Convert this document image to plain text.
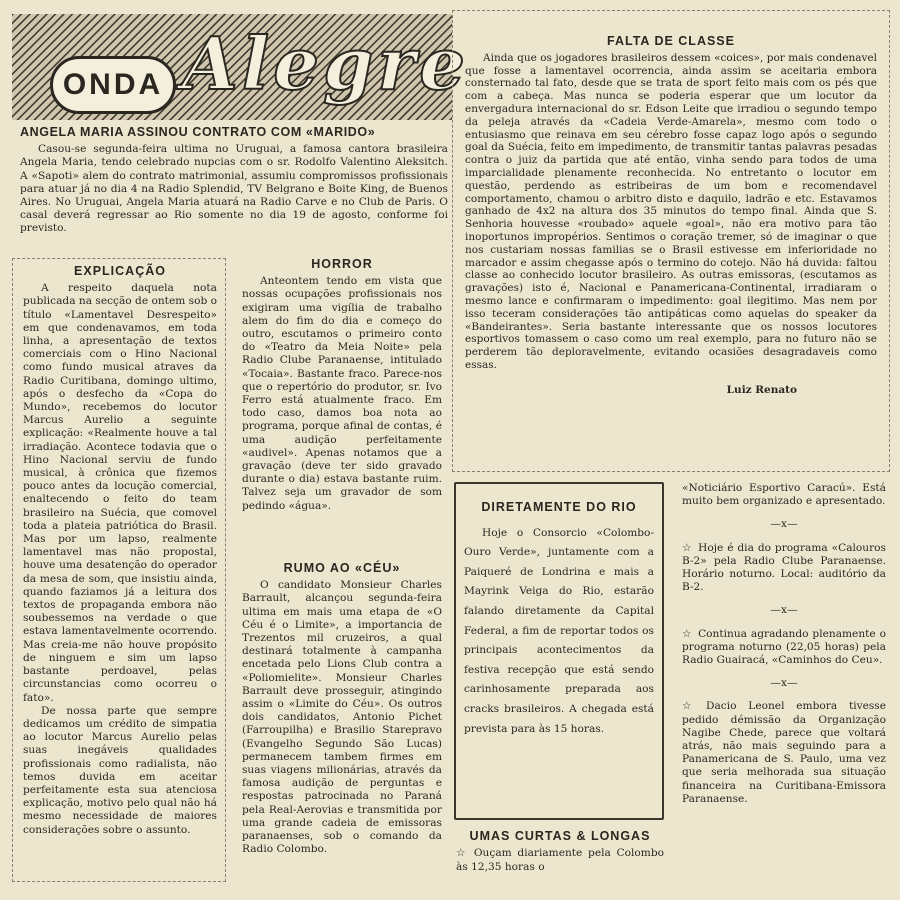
ONDA Alegre
ANGELA MARIA ASSINOU CONTRATO COM «MARIDO»

Casou-se segunda-feira ultima no Uruguai, a famosa cantora brasileira Angela Maria, tendo celebrado nupcias com o sr. Rodolfo Valentino Aleksitch. A «Sapoti» alem do contrato matrimonial, assumiu compromissos profissionais para atuar já no dia 4 na Radio Splendid, TV Belgrano e Boite King, de Buenos Aires. No Uruguai, Angela Maria atuará na Radio Carve e no Club de Paris. O casal deverá regressar ao Rio somente no dia 19 de agosto, conforme foi previsto.

EXPLICAÇÃO

A respeito daquela nota publicada na secção de ontem sob o título «Lamentavel Desrespeito» em que condenavamos, em toda linha, a apresentação de textos comerciais com o Hino Nacional como fundo musical atraves da Radio Curitibana, domingo ultimo, após o desfecho da «Copa do Mundo», recebemos do locutor Marcus Aurelio a seguinte explicação: «Realmente houve a tal irradiação. Acontece todavia que o Hino Nacional serviu de fundo musical, à crônica que fizemos pouco antes da locução comercial, enaltecendo o feito do team brasileiro na Suécia, que comovel toda a plateia patriótica do Brasil. Mas por um lapso, realmente lamentavel mas não propostal, houve uma desatenção do operador da mesa de som, que insistiu ainda, quando faziamos já a leitura dos textos de propaganda embora não soubessemos na verdade o que estava lamentavelmente ocorrendo. Mas creia-me não houve propósito de ninguem e sim um lapso bastante perdoavel, pelas circunstancias como ocorreu o fato».

De nossa parte que sempre dedicamos um crédito de simpatia ao locutor Marcus Aurelio pelas suas inegáveis qualidades profissionais como radialista, não temos duvida em aceitar perfeitamente esta sua atenciosa explicação, motivo pelo qual não há mesmo necessidade de maiores considerações sobre o assunto.

HORROR

Anteontem tendo em vista que nossas ocupações profissionais nos exigiram uma vigília de trabalho alem do fim do dia e começo do outro, escutamos o primeiro conto do «Teatro da Meia Noite» pela Radio Clube Paranaense, intitulado «Tocaia». Bastante fraco. Parece-nos que o repertório do produtor, sr. Ivo Ferro está atualmente fraco. Em todo caso, damos boa nota ao programa, porque afinal de contas, é uma audição perfeitamente «audivel». Apenas notamos que a gravação (deve ter sido gravado durante o dia) estava bastante ruim. Talvez seja um gravador de som pedindo «água».

RUMO AO «CÉU»

O candidato Monsieur Charles Barrault, alcançou segunda-feira ultima em mais uma etapa de «O Céu é o Limite», a importancia de Trezentos mil cruzeiros, a qual destinará totalmente à campanha encetada pelo Lions Club contra a «Poliomielite». Monsieur Charles Barrault deve prosseguir, atingindo assim o «Limite do Céu». Os outros dois candidatos, Antonio Pichet (Farroupilha) e Brasilio Starepravo (Evangelho Segundo São Lucas) permanecem tambem firmes em suas viagens milionárias, através da famosa audição de perguntas e respostas patrocinada no Paraná pela Real-Aerovias e transmitida por uma grande cadeia de emissoras paranaenses, sob o comando da Radio Colombo.

FALTA DE CLASSE

Ainda que os jogadores brasileiros dessem «coices», por mais condenavel que fosse a lamentavel ocorrencia, ainda assim se aceitaria embora consternado tal fato, desde que se trata de sport feito mais com os pés que com a cabeça. Mas nunca se poderia esperar que um locutor da envergadura internacional do sr. Edson Leite que irradiou o segundo tempo da peleja através da «Cadeia Verde-Amarela», mesmo com todo o entusiasmo que reinava em seu cérebro fosse capaz logo após o segundo goal da Suécia, feito em impedimento, de transmitir tantas palavras pesadas contra o juiz da partida que até então, vinha sendo para todos de uma imparcialidade plenamente reconhecida. No entretanto o locutor em questão, perdendo as estribeiras de um bom e recomendavel comportamento, chamou o arbitro disto e daquilo, ladrão e etc. Estavamos ganhado de 4x2 na altura dos 35 minutos do tempo final. Ainda que S. Senhoria houvesse «roubado» aquele «goal», não era motivo para tão inoportunos impropérios. Sentimos o coração tremer, só de imaginar o que nos custariam nossas familias se o Brasil estivesse em inferioridade no marcador e assim chegasse após o termino do cotejo. Não há duvida: faltou classe ao conhecido locutor brasileiro. As outras emissoras, (escutamos as gravações) isto é, Nacional e Panamericana-Continental, irradiaram o mesmo lance e confirmaram o impedimento: goal ilegitimo. Mas nem por isso teceram considerações tão antipáticas como aquelas do speaker da «Bandeirantes». Seria bastante interessante que os nossos locutores esportivos tomassem o caso como um real exemplo, para no futuro não se perderem tão deploravelmente, evitando ocasiões desagradaveis como essas.

Luiz Renato
DIRETAMENTE DO RIO

Hoje o Consorcio «Colombo-Ouro Verde», juntamente com a Paiqueré de Londrina e mais a Mayrink Veiga do Rio, estarão falando diretamente da Capital Federal, a fim de reportar todos os principais acontecimentos da festiva recepção que está sendo carinhosamente preparada aos cracks brasileiros. A chegada está prevista para às 15 horas.

UMAS CURTAS & LONGAS
☆ Ouçam diariamente pela Colombo às 12,35 horas o

«Noticiário Esportivo Caracú». Está muito bem organizado e apresentado.

—x—

☆ Hoje é dia do programa «Calouros B-2» pela Radio Clube Paranaense. Horário noturno. Local: auditório da B-2.

—x—

☆ Continua agradando plenamente o programa noturno (22,05 horas) pela Radio Guairacá, «Caminhos do Ceu».

—x—

☆ Dacio Leonel embora tivesse pedido démissão da Organização Nagibe Chede, parece que voltará atrás, não mais seguindo para a Panamericana de S. Paulo, uma vez que seria melhorada sua situação financeira na Curitibana-Emissora Paranaense.
